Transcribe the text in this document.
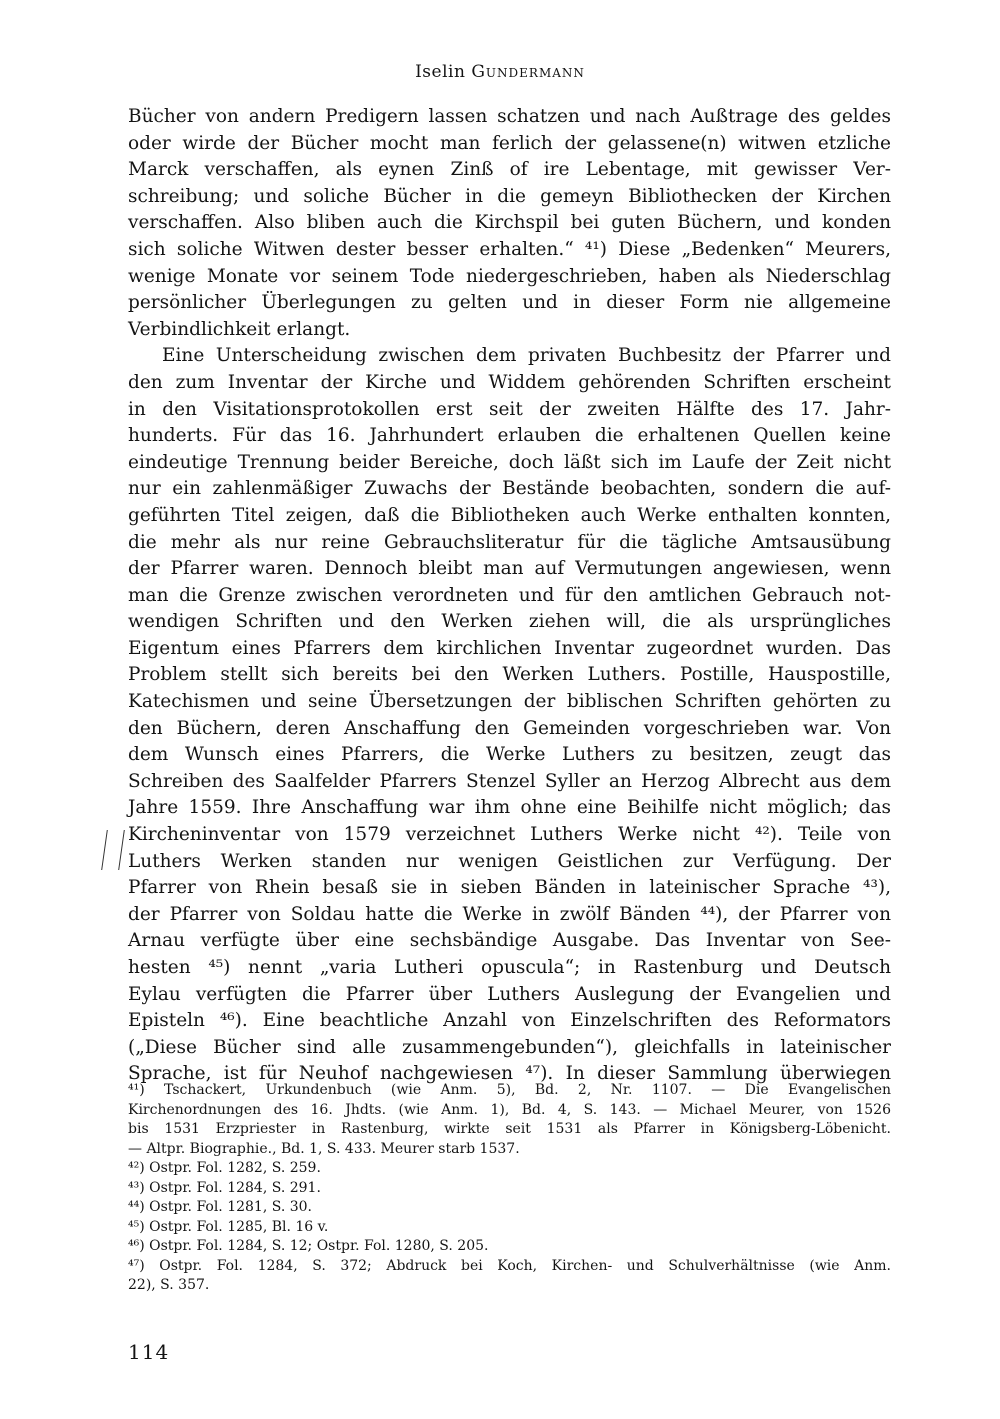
Iselin Gundermann
Bücher von andern Predigern lassen schatzen und nach Außtrage des geldes
oder wirde der Bücher mocht man ferlich der gelassene(n) witwen etzliche
Marck verschaffen, als eynen Zinß of ire Lebentage, mit gewisser Ver-
schreibung; und soliche Bücher in die gemeyn Bibliothecken der Kirchen
verschaffen. Also bliben auch die Kirchspil bei guten Büchern, und konden
sich soliche Witwen dester besser erhalten.“ ⁴¹) Diese „Bedenken“ Meurers,
wenige Monate vor seinem Tode niedergeschrieben, haben als Niederschlag
persönlicher Überlegungen zu gelten und in dieser Form nie allgemeine
Verbindlichkeit erlangt.
Eine Unterscheidung zwischen dem privaten Buchbesitz der Pfarrer und
den zum Inventar der Kirche und Widdem gehörenden Schriften erscheint
in den Visitationsprotokollen erst seit der zweiten Hälfte des 17. Jahr-
hunderts. Für das 16. Jahrhundert erlauben die erhaltenen Quellen keine
eindeutige Trennung beider Bereiche, doch läßt sich im Laufe der Zeit nicht
nur ein zahlenmäßiger Zuwachs der Bestände beobachten, sondern die auf-
geführten Titel zeigen, daß die Bibliotheken auch Werke enthalten konnten,
die mehr als nur reine Gebrauchsliteratur für die tägliche Amtsausübung
der Pfarrer waren. Dennoch bleibt man auf Vermutungen angewiesen, wenn
man die Grenze zwischen verordneten und für den amtlichen Gebrauch not-
wendigen Schriften und den Werken ziehen will, die als ursprüngliches
Eigentum eines Pfarrers dem kirchlichen Inventar zugeordnet wurden. Das
Problem stellt sich bereits bei den Werken Luthers. Postille, Hauspostille,
Katechismen und seine Übersetzungen der biblischen Schriften gehörten zu
den Büchern, deren Anschaffung den Gemeinden vorgeschrieben war. Von
dem Wunsch eines Pfarrers, die Werke Luthers zu besitzen, zeugt das
Schreiben des Saalfelder Pfarrers Stenzel Syller an Herzog Albrecht aus dem
Jahre 1559. Ihre Anschaffung war ihm ohne eine Beihilfe nicht möglich; das
Kircheninventar von 1579 verzeichnet Luthers Werke nicht ⁴²). Teile von
Luthers Werken standen nur wenigen Geistlichen zur Verfügung. Der
Pfarrer von Rhein besaß sie in sieben Bänden in lateinischer Sprache ⁴³),
der Pfarrer von Soldau hatte die Werke in zwölf Bänden ⁴⁴), der Pfarrer von
Arnau verfügte über eine sechsbändige Ausgabe. Das Inventar von See-
hesten ⁴⁵) nennt „varia Lutheri opuscula“; in Rastenburg und Deutsch
Eylau verfügten die Pfarrer über Luthers Auslegung der Evangelien und
Episteln ⁴⁶). Eine beachtliche Anzahl von Einzelschriften des Reformators
(„Diese Bücher sind alle zusammengebunden“), gleichfalls in lateinischer
Sprache, ist für Neuhof nachgewiesen ⁴⁷). In dieser Sammlung überwiegen
⁴¹) Tschackert, Urkundenbuch (wie Anm. 5), Bd. 2, Nr. 1107. — Die Evangelischen
Kirchenordnungen des 16. Jhdts. (wie Anm. 1), Bd. 4, S. 143. — Michael Meurer, von 1526
bis 1531 Erzpriester in Rastenburg, wirkte seit 1531 als Pfarrer in Königsberg-Löbenicht.
— Altpr. Biographie., Bd. 1, S. 433. Meurer starb 1537.
⁴²) Ostpr. Fol. 1282, S. 259.
⁴³) Ostpr. Fol. 1284, S. 291.
⁴⁴) Ostpr. Fol. 1281, S. 30.
⁴⁵) Ostpr. Fol. 1285, Bl. 16 v.
⁴⁶) Ostpr. Fol. 1284, S. 12; Ostpr. Fol. 1280, S. 205.
⁴⁷) Ostpr. Fol. 1284, S. 372; Abdruck bei Koch, Kirchen- und Schulverhältnisse (wie Anm.
22), S. 357.
114
